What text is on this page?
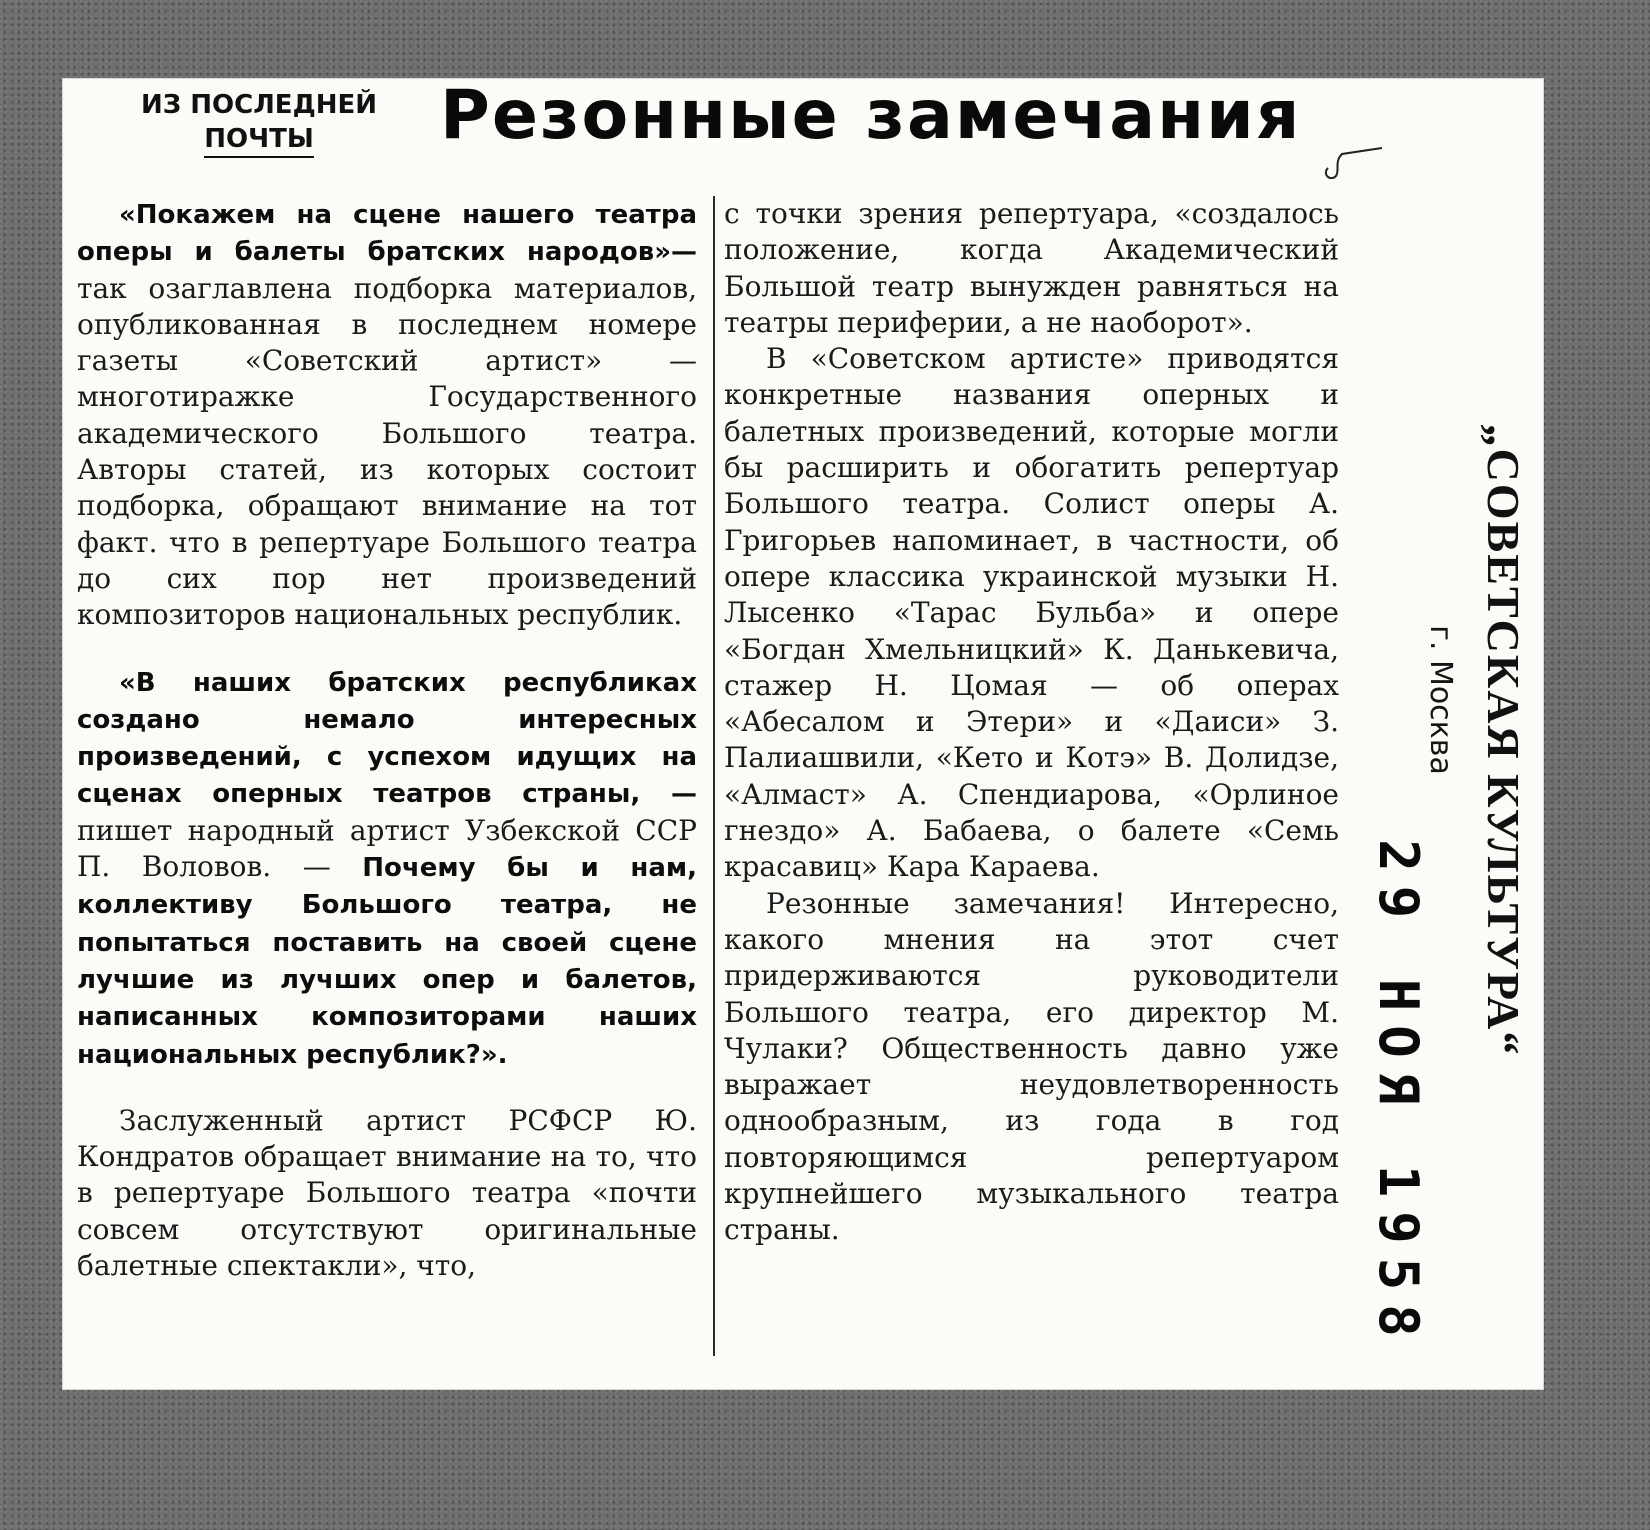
ИЗ ПОСЛЕДНЕЙ
ПОЧТЫ	Резонные замечания

«Покажем на сцене нашего театра оперы и балеты братских народов»— так озаглавлена подборка материалов, опубликованная в последнем номере газеты «Советский артист» — многотиражке Государственного академического Большого театра. Авторы статей, из которых состоит подборка, обращают внимание на тот факт. что в репертуаре Большого театра до сих пор нет произведений композиторов национальных республик.

«В наших братских республиках создано немало интересных произведений, с успехом идущих на сценах оперных театров страны, — пишет народный артист Узбекской ССР П. Воловов. — Почему бы и нам, коллективу Большого театра, не попытаться поставить на своей сцене лучшие из лучших опер и балетов, написанных композиторами наших национальных республик?».

Заслуженный артист РСФСР Ю. Кондратов обращает внимание на то, что в репертуаре Большого театра «почти совсем отсутствуют оригинальные балетные спектакли», что,

с точки зрения репертуара, «создалось положение, когда Академический Большой театр вынужден равняться на театры периферии, а не наоборот».

В «Советском артисте» приводятся конкретные названия оперных и балетных произведений, которые могли бы расширить и обогатить репертуар Большого театра. Солист оперы А. Григорьев напоминает, в частности, об опере классика украинской музыки Н. Лысенко «Тарас Бульба» и опере «Богдан Хмельницкий» К. Данькевича, стажер Н. Цомая — об операх «Абесалом и Этери» и «Даиси» З. Палиашвили, «Кето и Котэ» В. Долидзе, «Алмаст» А. Спендиарова, «Орлиное гнездо» А. Бабаева, о балете «Семь красавиц» Кара Караева.

Резонные замечания! Интересно, какого мнения на этот счет придерживаются руководители Большого театра, его директор М. Чулаки? Общественность давно уже выражает неудовлетворенность однообразным, из года в год повторяющимся репертуаром крупнейшего музыкального театра страны.

„СОВЕТСКАЯ КУЛЬТУРА“
г. Москва
29 НОЯ 1958
